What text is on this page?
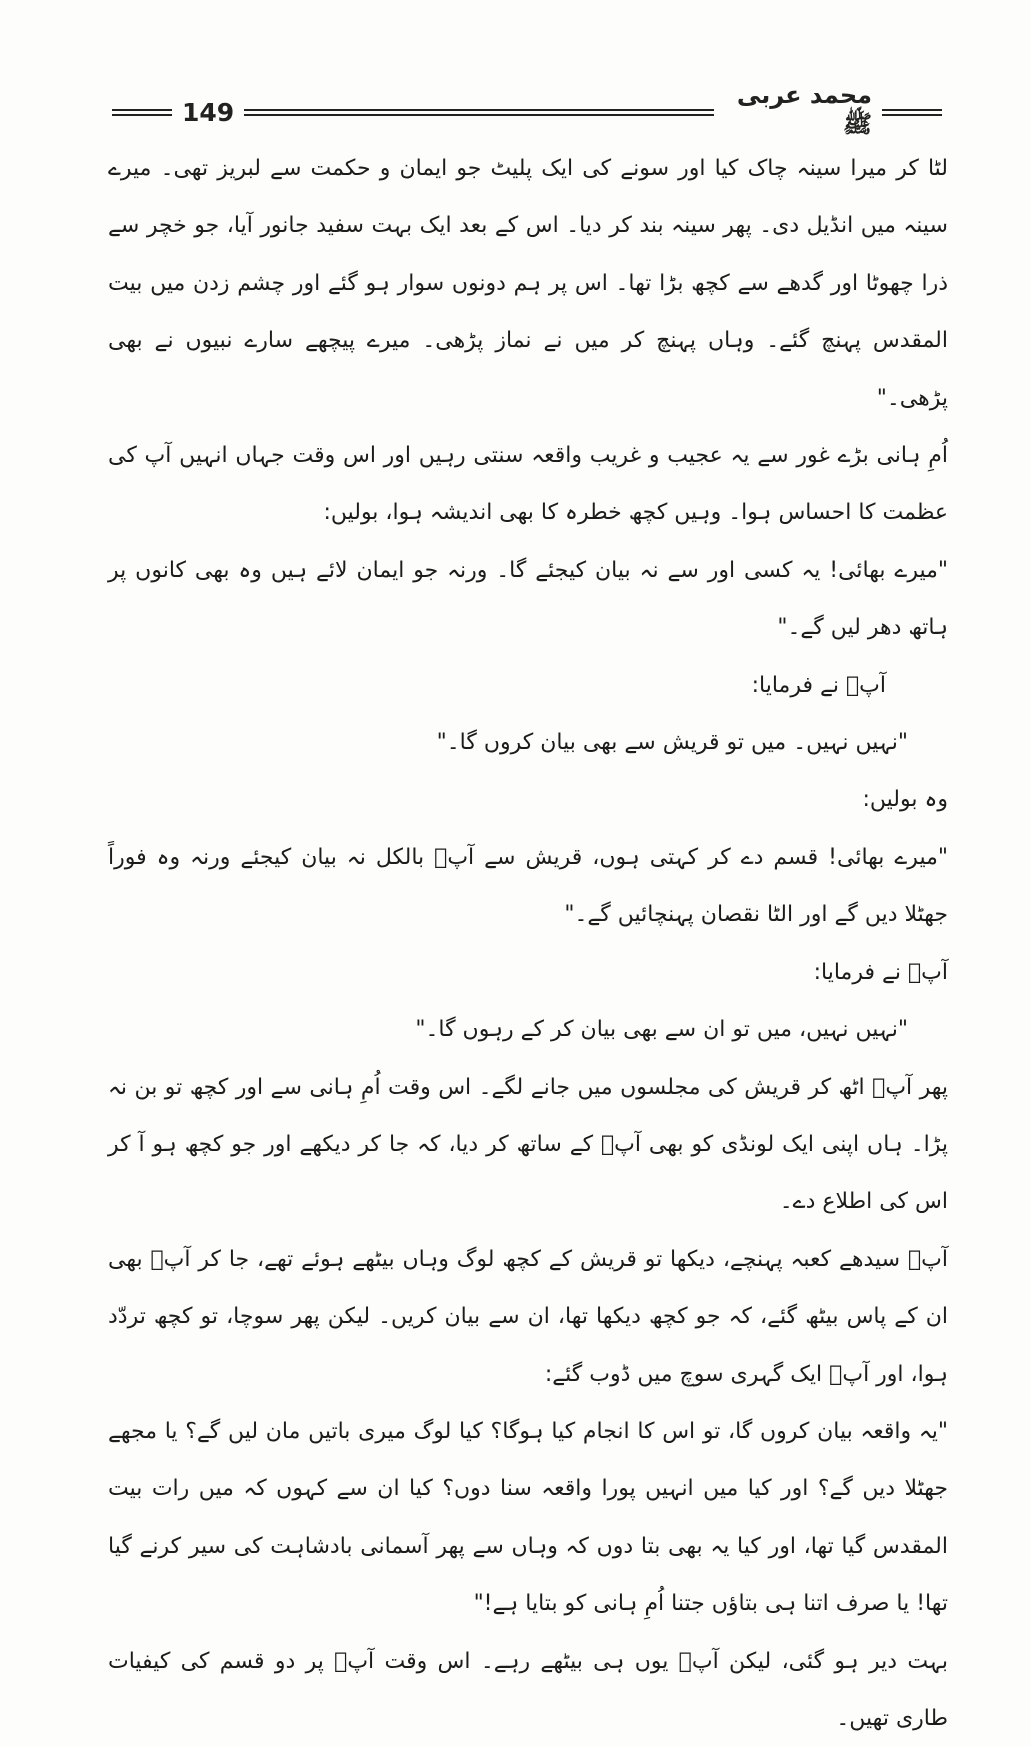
149
محمد عربی ﷺ

لٹا کر میرا سینہ چاک کیا اور سونے کی ایک پلیٹ جو ایمان و حکمت سے لبریز تھی۔ میرے سینہ میں انڈیل دی۔ پھر سینہ بند کر دیا۔ اس کے بعد ایک بہت سفید جانور آیا، جو خچر سے ذرا چھوٹا اور گدھے سے کچھ بڑا تھا۔ اس پر ہم دونوں سوار ہو گئے اور چشم زدن میں بیت المقدس پہنچ گئے۔ وہاں پہنچ کر میں نے نماز پڑھی۔ میرے پیچھے سارے نبیوں نے بھی پڑھی۔"

اُمِ ہانی بڑے غور سے یہ عجیب و غریب واقعہ سنتی رہیں اور اس وقت جہاں انہیں آپ کی عظمت کا احساس ہوا۔ وہیں کچھ خطرہ کا بھی اندیشہ ہوا، بولیں:

"میرے بھائی! یہ کسی اور سے نہ بیان کیجئے گا۔ ورنہ جو ایمان لائے ہیں وہ بھی کانوں پر ہاتھ دھر لیں گے۔"

آپؐ نے فرمایا:

"نہیں نہیں۔ میں تو قریش سے بھی بیان کروں گا۔"

وہ بولیں:

"میرے بھائی! قسم دے کر کہتی ہوں، قریش سے آپؐ بالکل نہ بیان کیجئے ورنہ وہ فوراً جھٹلا دیں گے اور الٹا نقصان پہنچائیں گے۔"

آپؐ نے فرمایا:

"نہیں نہیں، میں تو ان سے بھی بیان کر کے رہوں گا۔"

پھر آپؐ اٹھ کر قریش کی مجلسوں میں جانے لگے۔ اس وقت اُمِ ہانی سے اور کچھ تو بن نہ پڑا۔ ہاں اپنی ایک لونڈی کو بھی آپؐ کے ساتھ کر دیا، کہ جا کر دیکھے اور جو کچھ ہو آ کر اس کی اطلاع دے۔

آپؐ سیدھے کعبہ پہنچے، دیکھا تو قریش کے کچھ لوگ وہاں بیٹھے ہوئے تھے، جا کر آپؐ بھی ان کے پاس بیٹھ گئے، کہ جو کچھ دیکھا تھا، ان سے بیان کریں۔ لیکن پھر سوچا، تو کچھ تردّد ہوا، اور آپؐ ایک گہری سوچ میں ڈوب گئے:

"یہ واقعہ بیان کروں گا، تو اس کا انجام کیا ہوگا؟ کیا لوگ میری باتیں مان لیں گے؟ یا مجھے جھٹلا دیں گے؟ اور کیا میں انہیں پورا واقعہ سنا دوں؟ کیا ان سے کہوں کہ میں رات بیت المقدس گیا تھا، اور کیا یہ بھی بتا دوں کہ وہاں سے پھر آسمانی بادشاہت کی سیر کرنے گیا تھا! یا صرف اتنا ہی بتاؤں جتنا اُمِ ہانی کو بتایا ہے!"

بہت دیر ہو گئی، لیکن آپؐ یوں ہی بیٹھے رہے۔ اس وقت آپؐ پر دو قسم کی کیفیات طاری تھیں۔
